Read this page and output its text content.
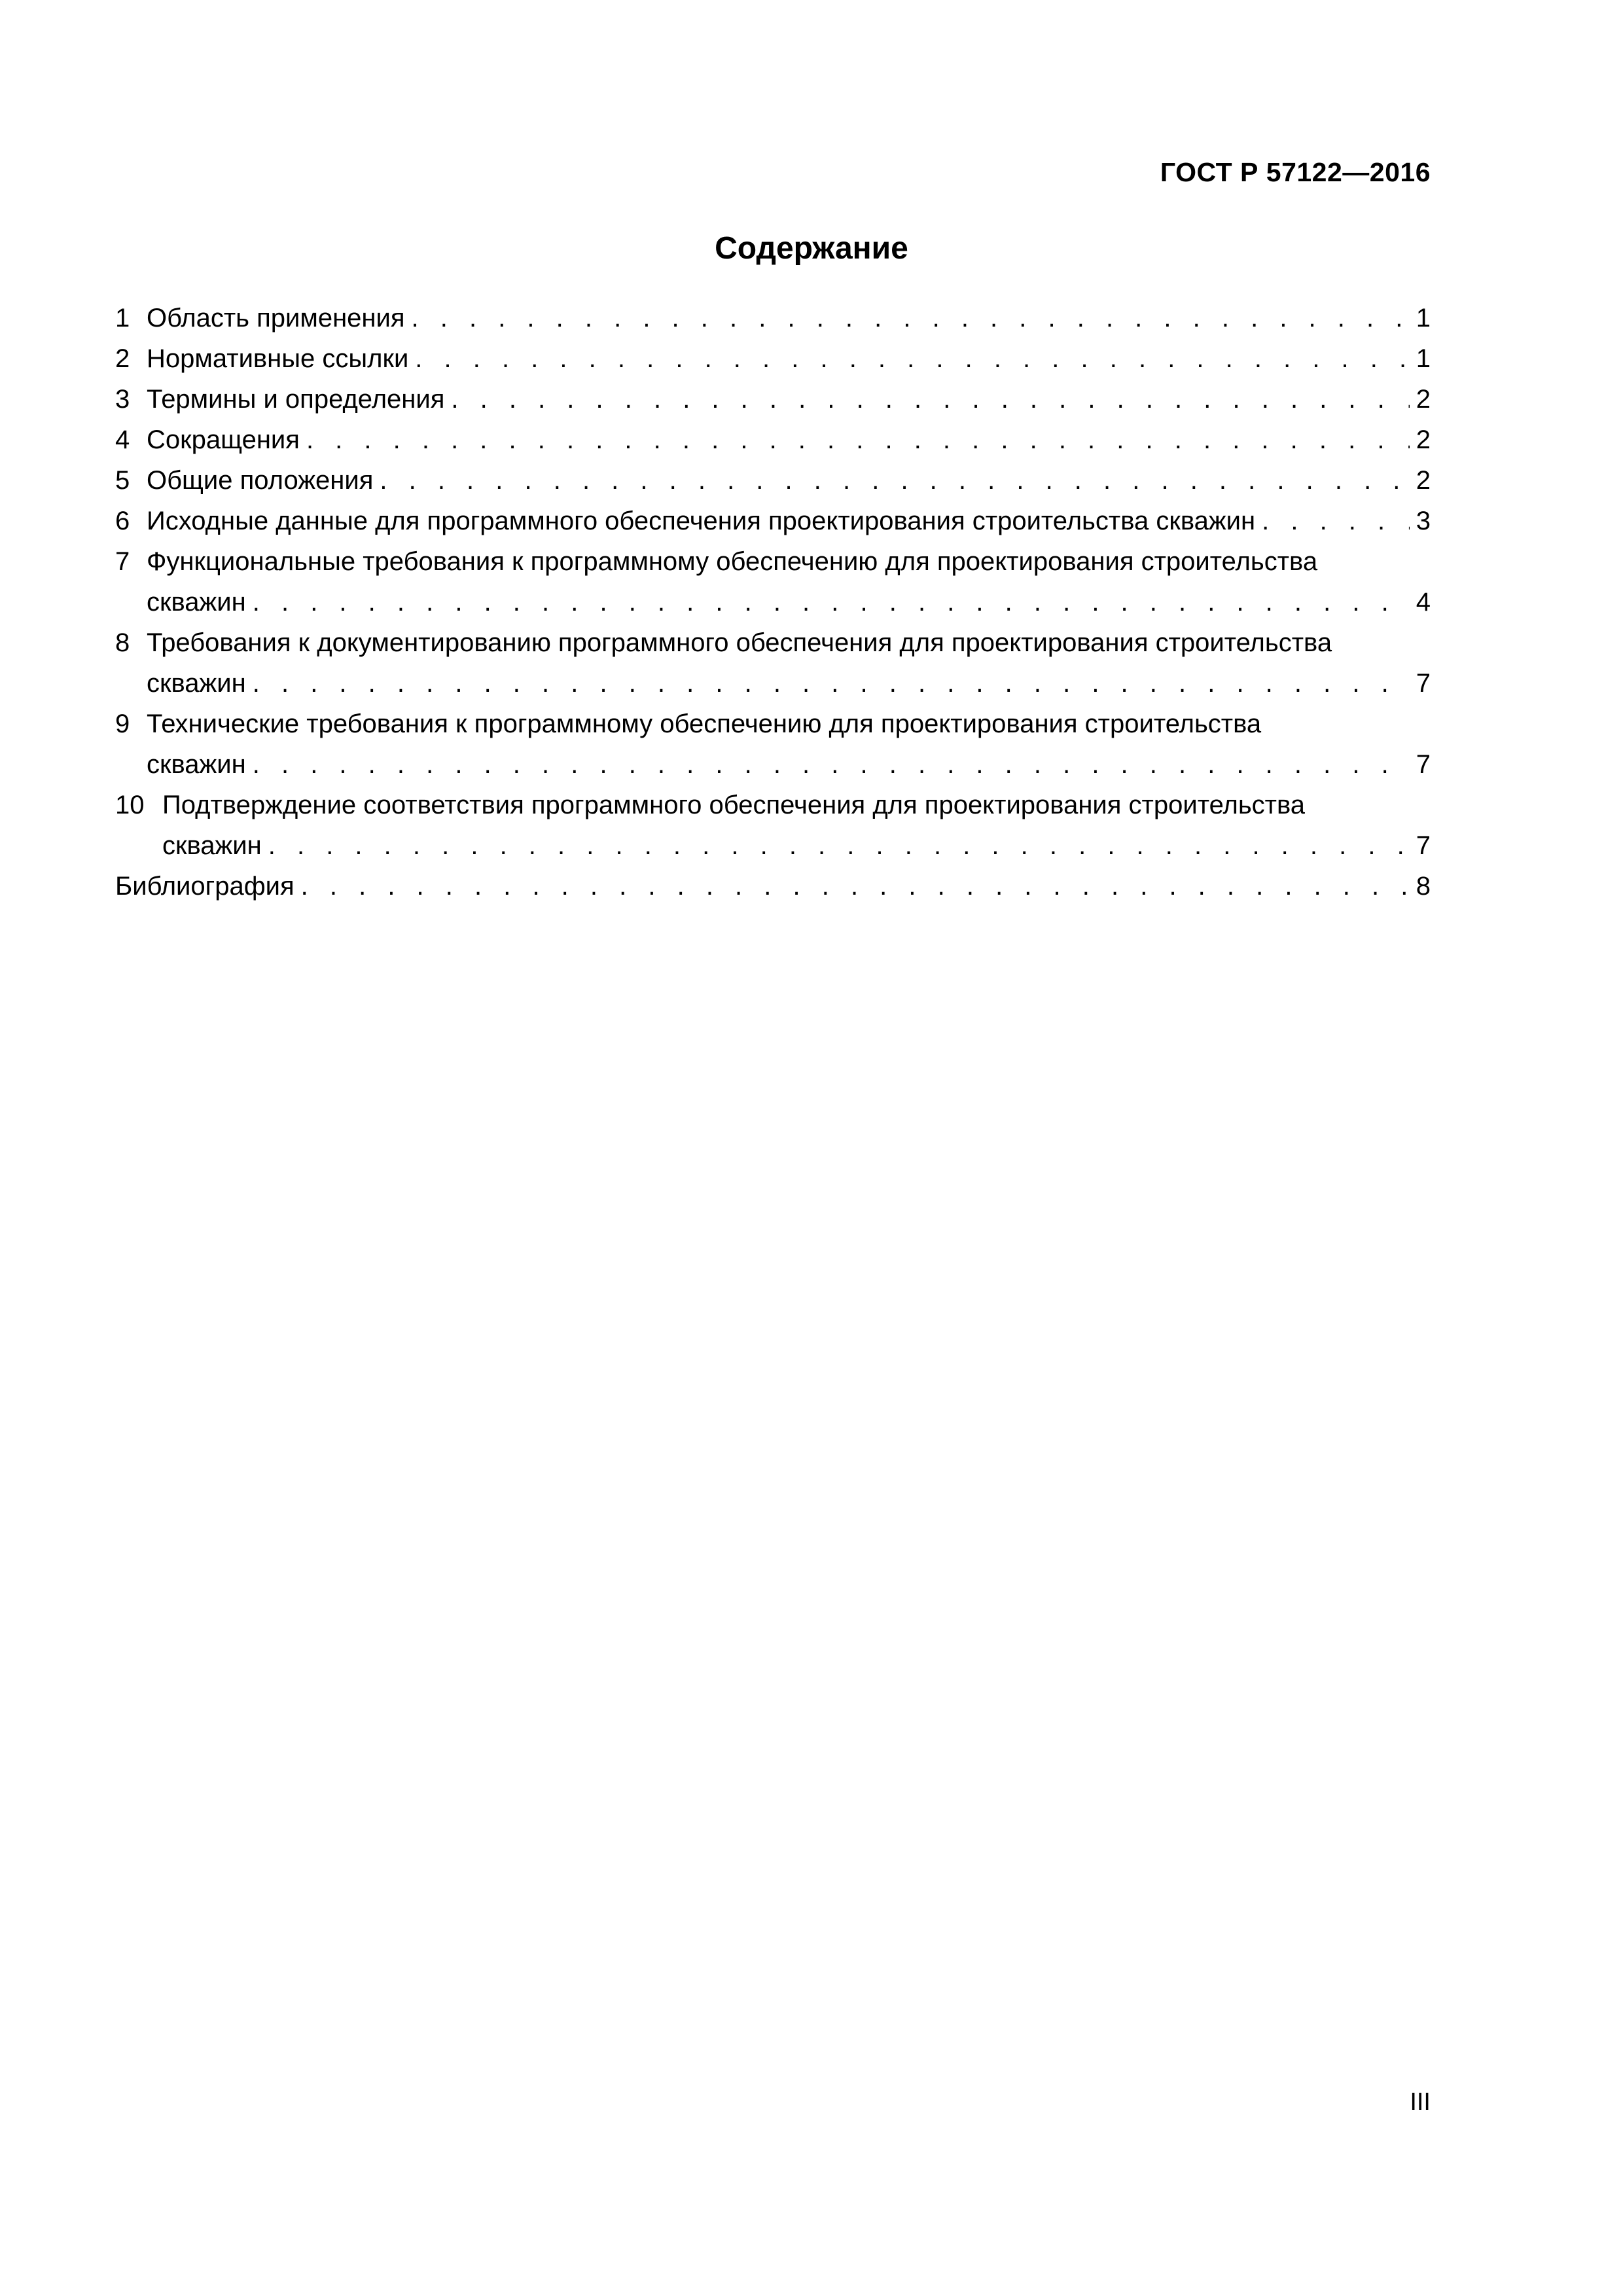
ГОСТ Р 57122—2016
Содержание
1 Область применения . . .	1
2 Нормативные ссылки . . .	1
3 Термины и определения . . .	2
4 Сокращения . . .	2
5 Общие положения . . .	2
6 Исходные данные для программного обеспечения проектирования строительства скважин . . .	3
7 Функциональные требования к программному обеспечению для проектирования строительства
скважин . . .	4
8 Требования к документированию программного обеспечения для проектирования строительства
скважин . . .	7
9 Технические требования к программному обеспечению для проектирования строительства
скважин . . .	7
10 Подтверждение соответствия программного обеспечения для проектирования строительства
скважин . . .	7
Библиография . . .	8
III
